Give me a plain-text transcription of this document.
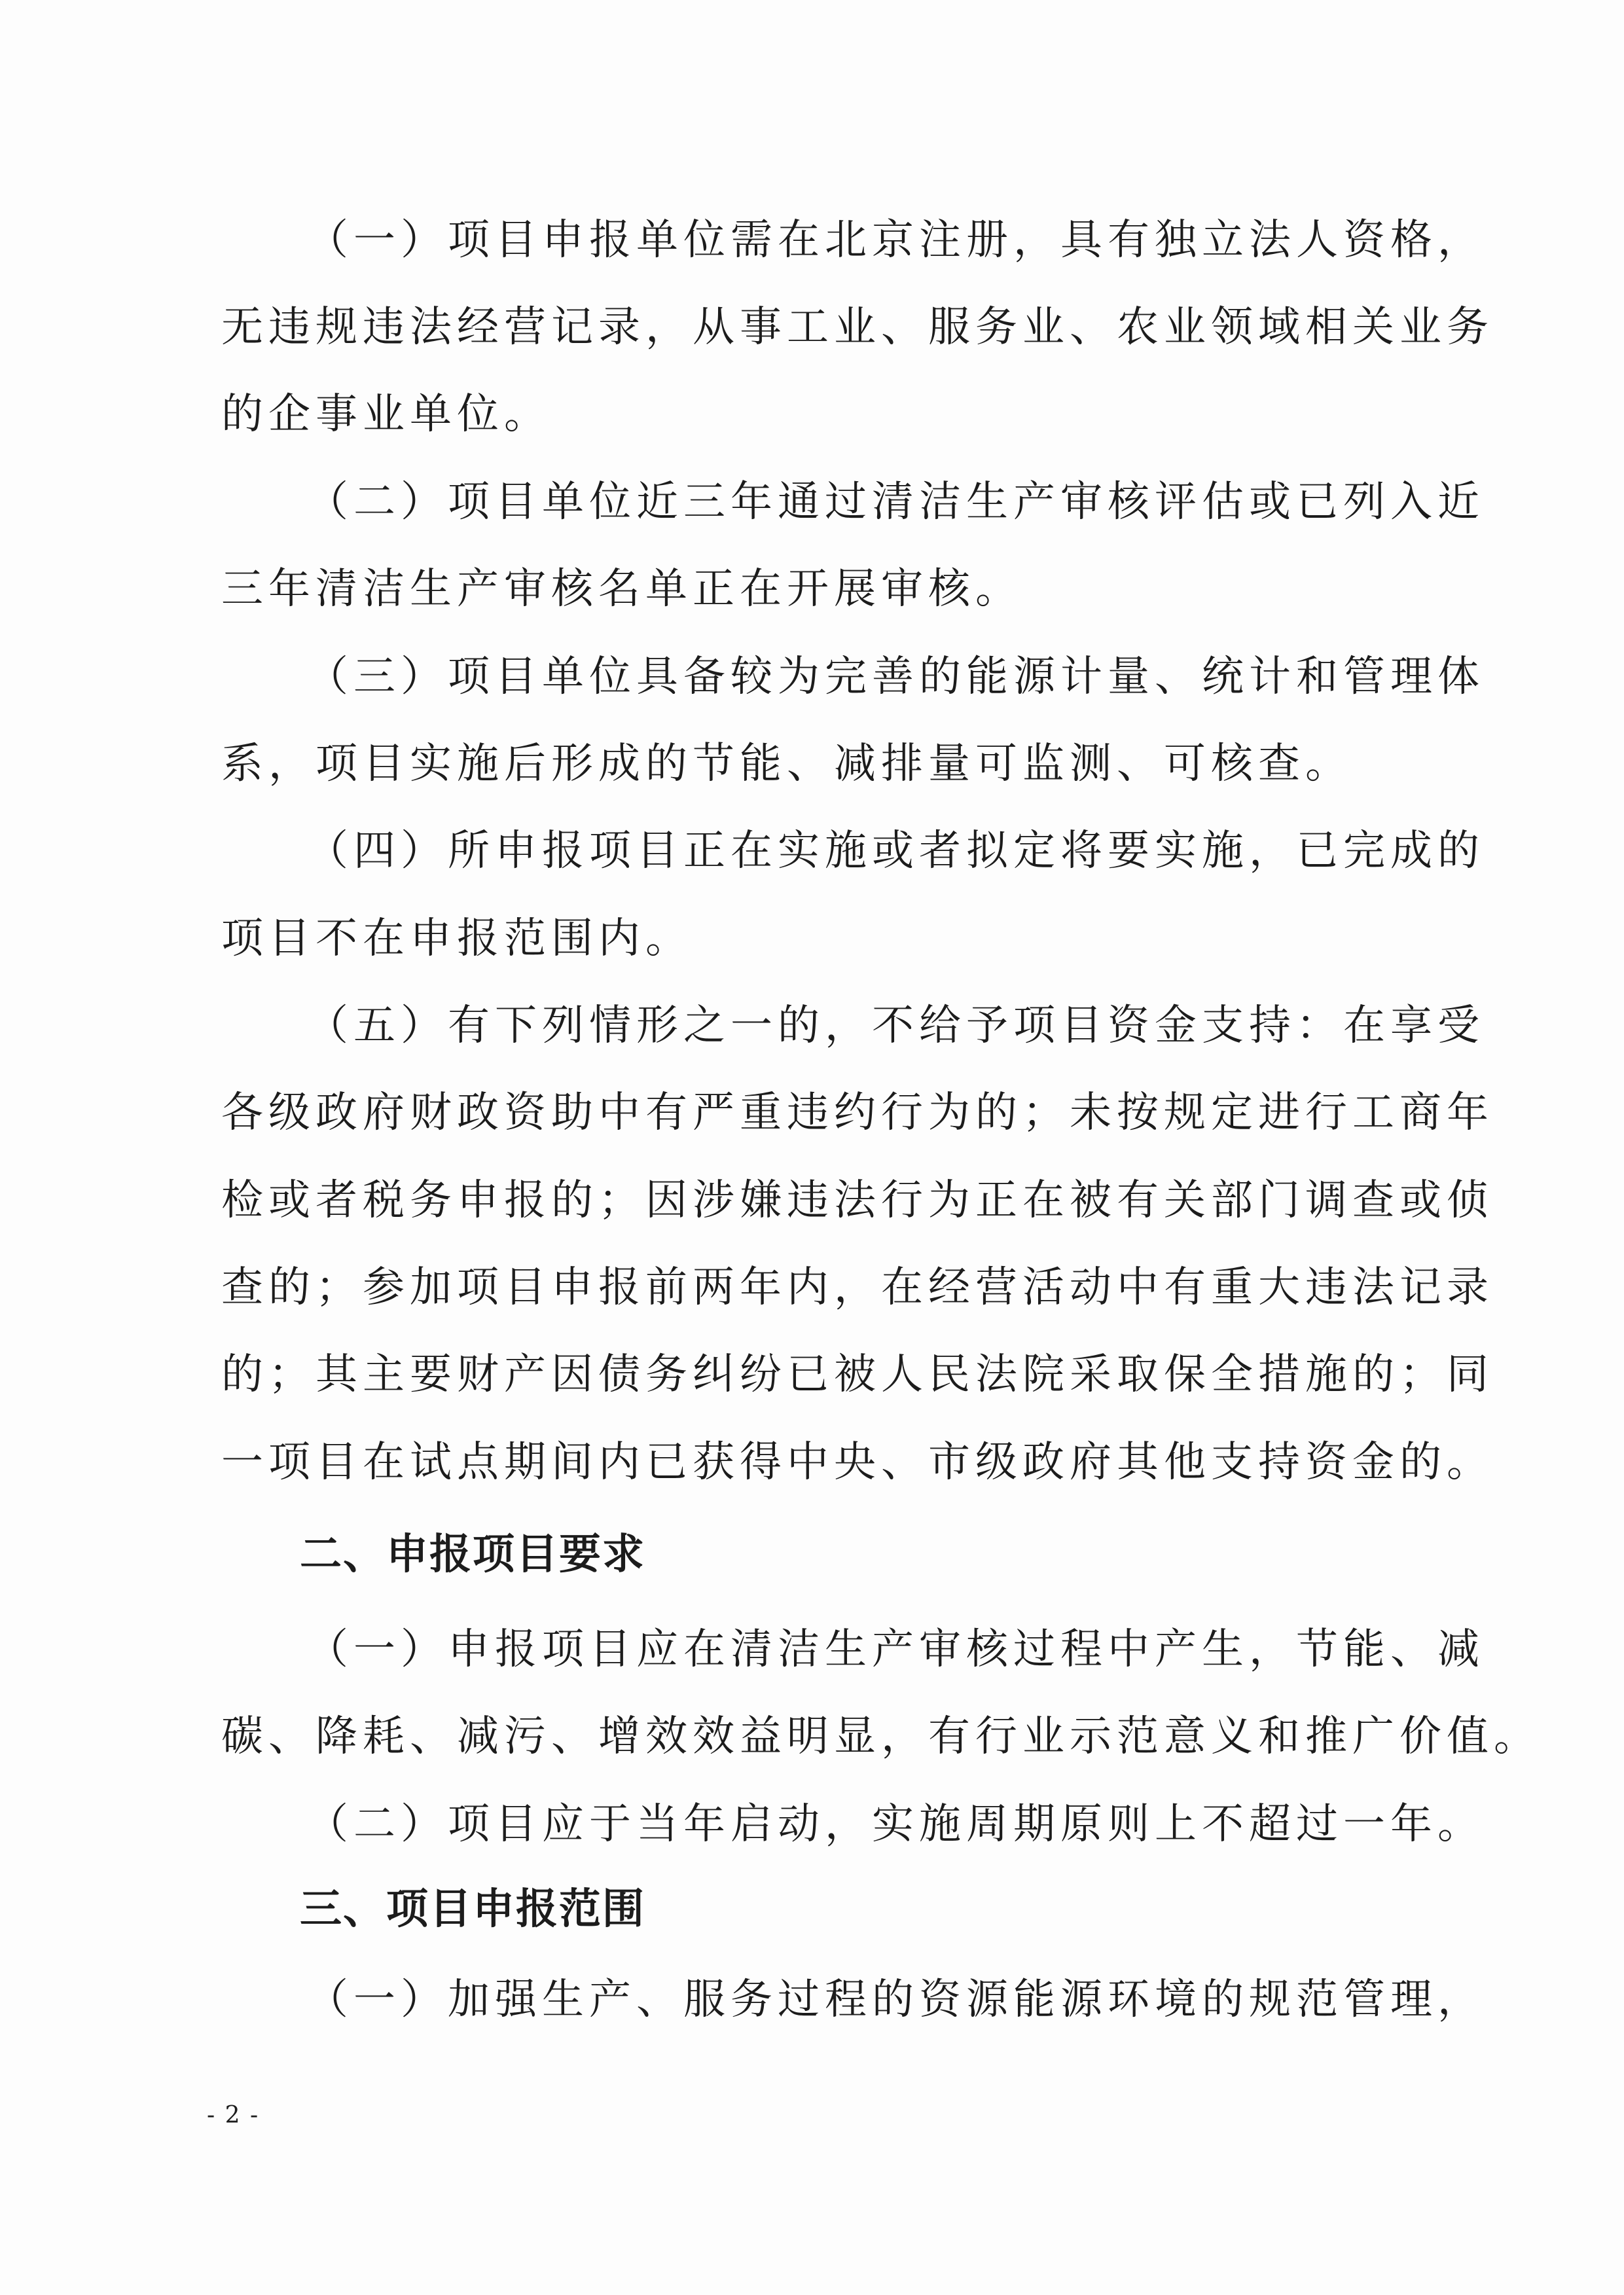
（一）项目申报单位需在北京注册，具有独立法人资格，
无违规违法经营记录，从事工业、服务业、农业领域相关业务
的企事业单位。
（二）项目单位近三年通过清洁生产审核评估或已列入近
三年清洁生产审核名单正在开展审核。
（三）项目单位具备较为完善的能源计量、统计和管理体
系，项目实施后形成的节能、减排量可监测、可核查。
（四）所申报项目正在实施或者拟定将要实施，已完成的
项目不在申报范围内。
（五）有下列情形之一的，不给予项目资金支持：在享受
各级政府财政资助中有严重违约行为的；未按规定进行工商年
检或者税务申报的；因涉嫌违法行为正在被有关部门调查或侦
查的；参加项目申报前两年内，在经营活动中有重大违法记录
的；其主要财产因债务纠纷已被人民法院采取保全措施的；同
一项目在试点期间内已获得中央、市级政府其他支持资金的。
二、申报项目要求
（一）申报项目应在清洁生产审核过程中产生，节能、减
碳、降耗、减污、增效效益明显，有行业示范意义和推广价值。
（二）项目应于当年启动，实施周期原则上不超过一年。
三、项目申报范围
（一）加强生产、服务过程的资源能源环境的规范管理，
- 2 -
